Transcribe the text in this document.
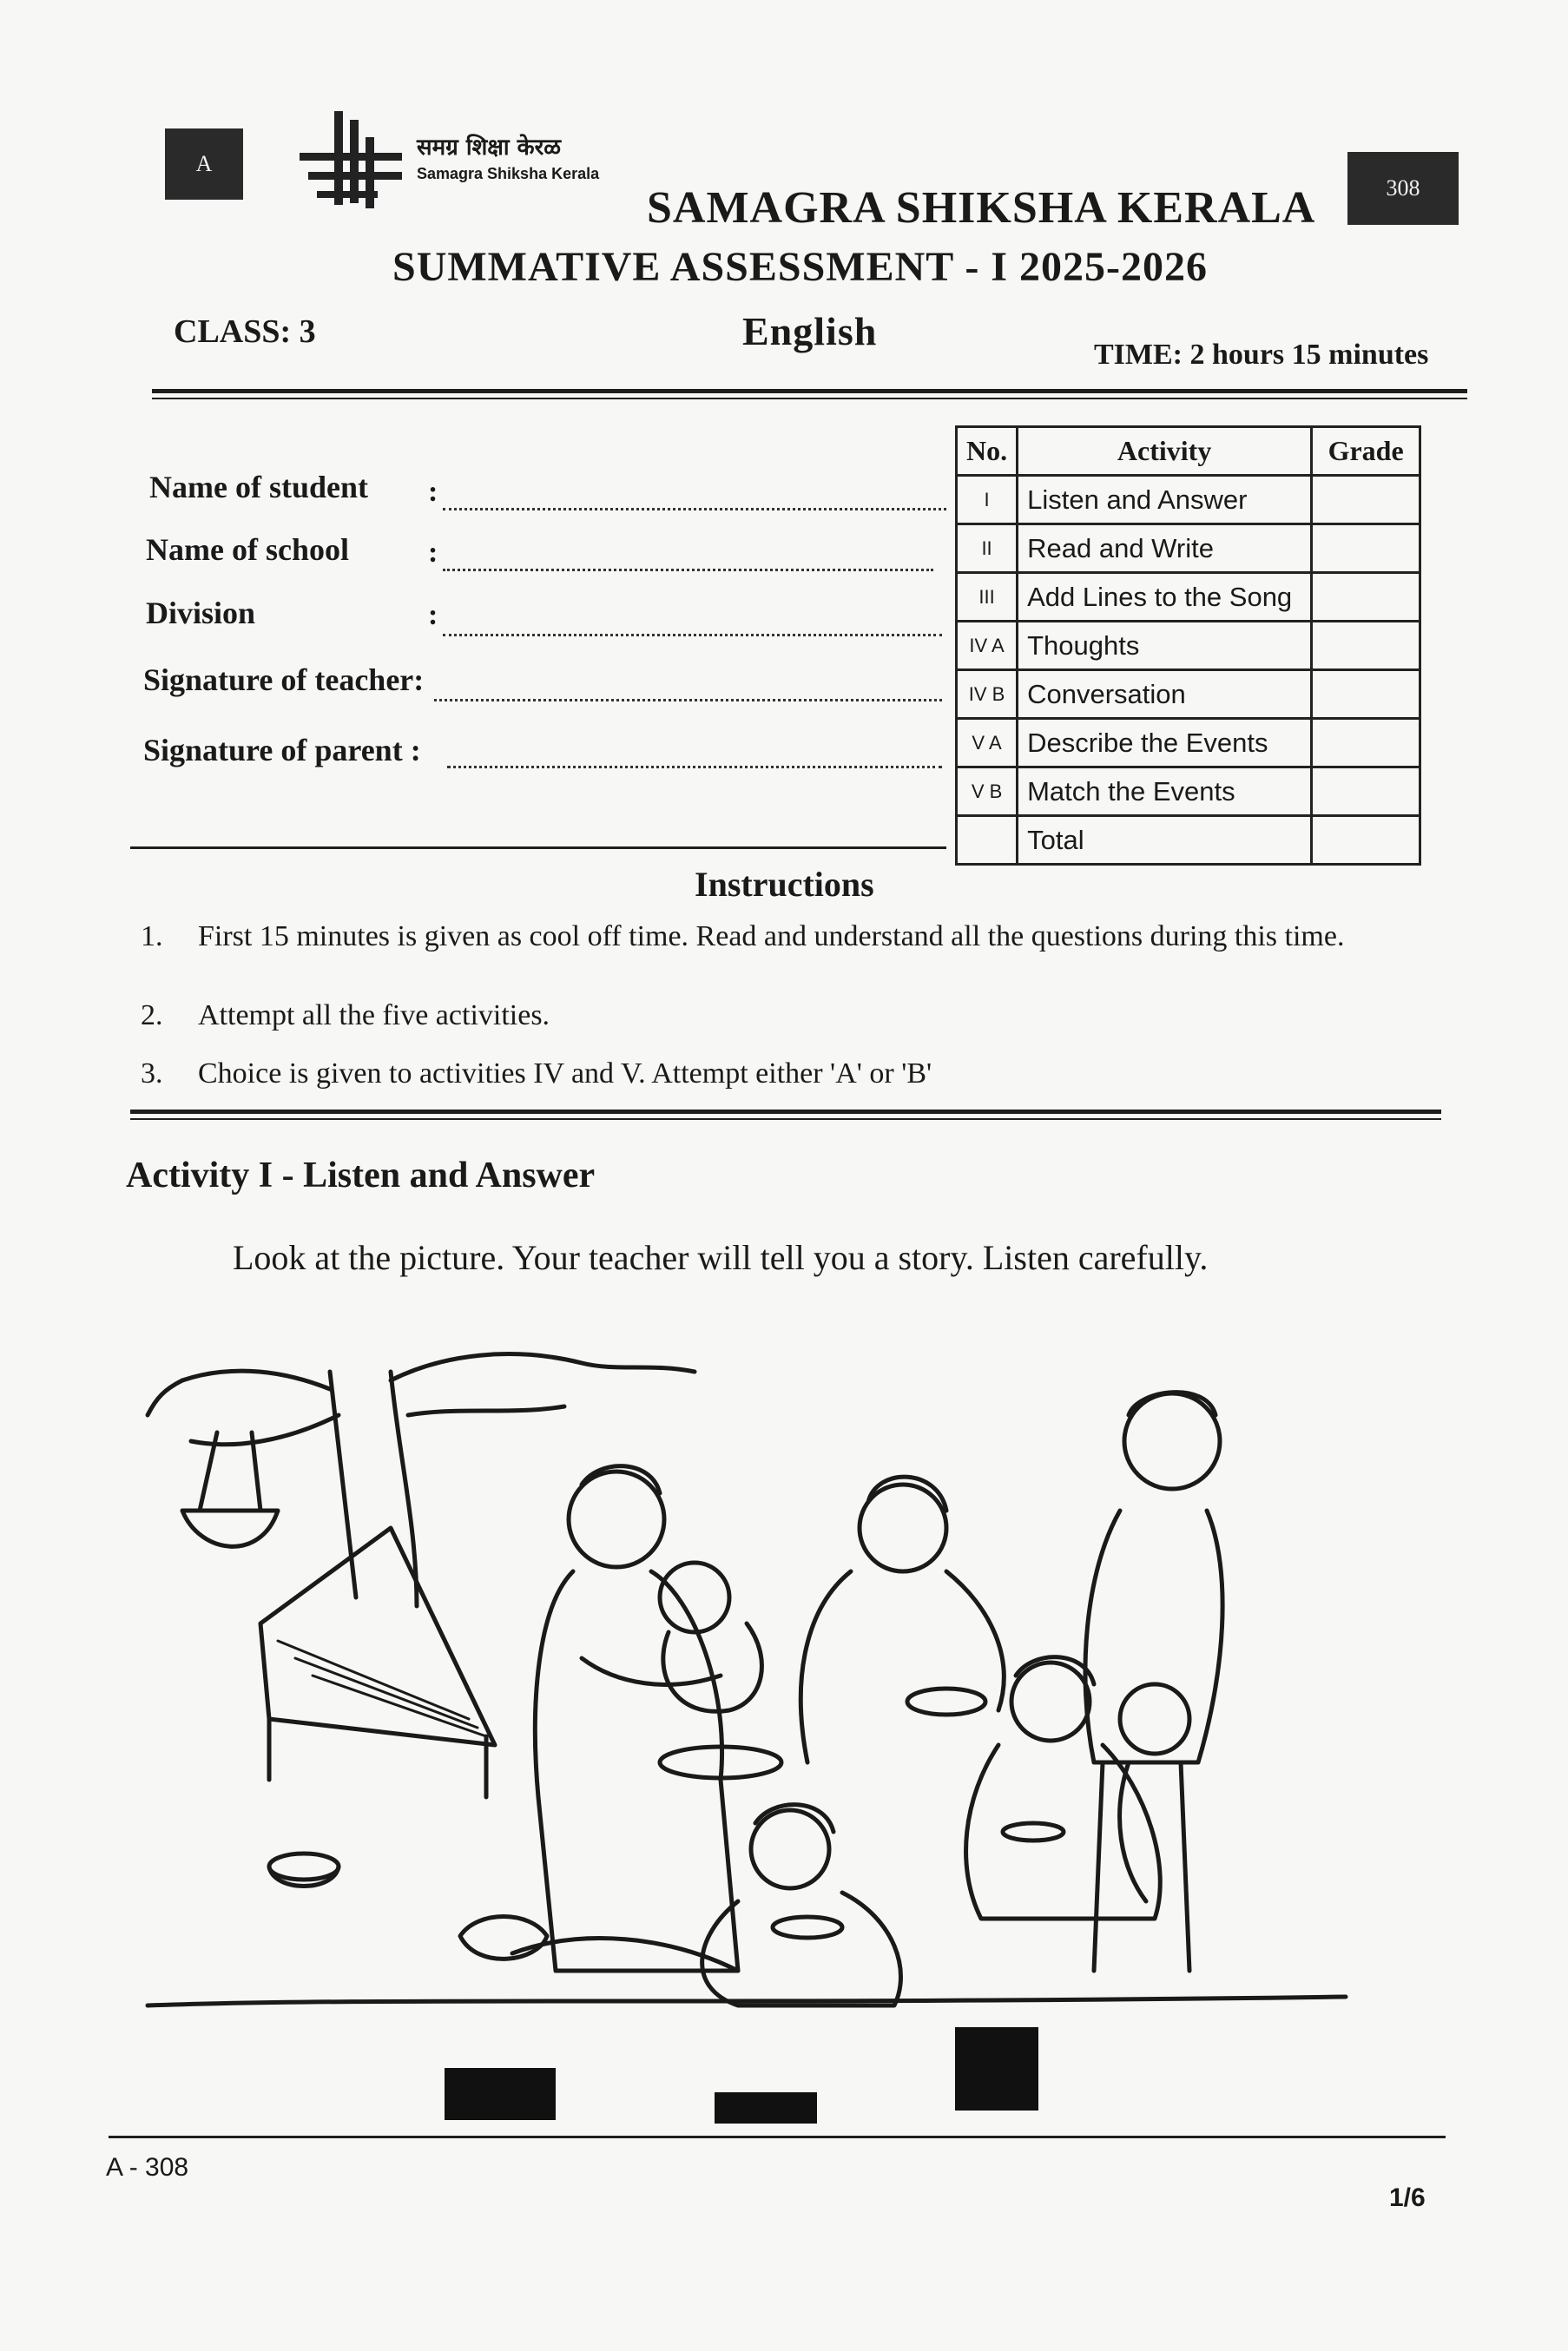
A
308
समग्र शिक्षा केरळ
Samagra Shiksha Kerala
SAMAGRA SHIKSHA KERALA
SUMMATIVE ASSESSMENT - I 2025-2026
CLASS: 3	English
TIME: 2 hours 15 minutes
Name of student :
Name of school	:
Division	:
Signature of teacher:
Signature of parent :
No.	Activity	Grade
I	Listen and Answer	
II	Read and Write	
III	Add Lines to the Song	
IV A	Thoughts	
IV B	Conversation	
V A	Describe the Events	
V B	Match the Events	
	Total	
Instructions
1. First 15 minutes is given as cool off time. Read and understand all the questions during this time.
2. Attempt all the five activities.
3. Choice is given to activities IV and V. Attempt either 'A' or 'B'
Activity I - Listen and Answer
Look at the picture. Your teacher will tell you a story. Listen carefully.
A - 308
1/6
